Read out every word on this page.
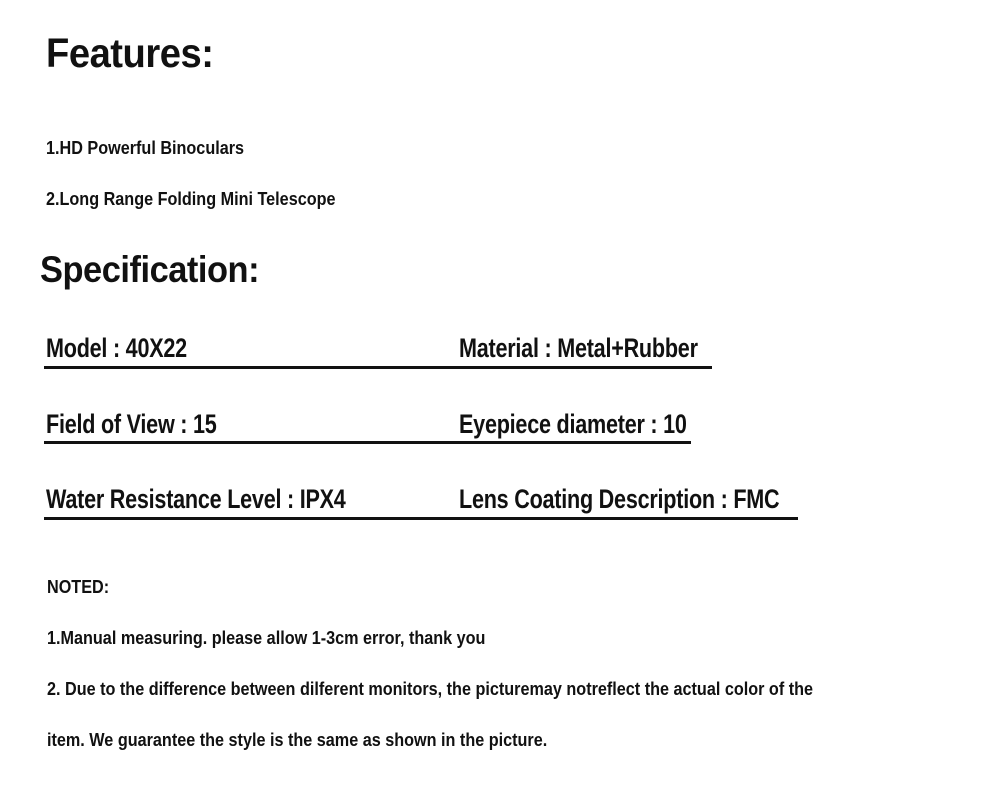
Features:

1.HD Powerful Binoculars

2.Long Range Folding Mini Telescope

Specification:

Model : 40X22	Material : Metal+Rubber

Field of View : 15	Eyepiece diameter : 10

Water Resistance Level : IPX4	Lens Coating Description : FMC

NOTED:

1.Manual measuring. please allow 1-3cm error, thank you

2. Due to the difference between dilferent monitors, the picturemay notreflect the actual color of the

item. We guarantee the style is the same as shown in the picture.
